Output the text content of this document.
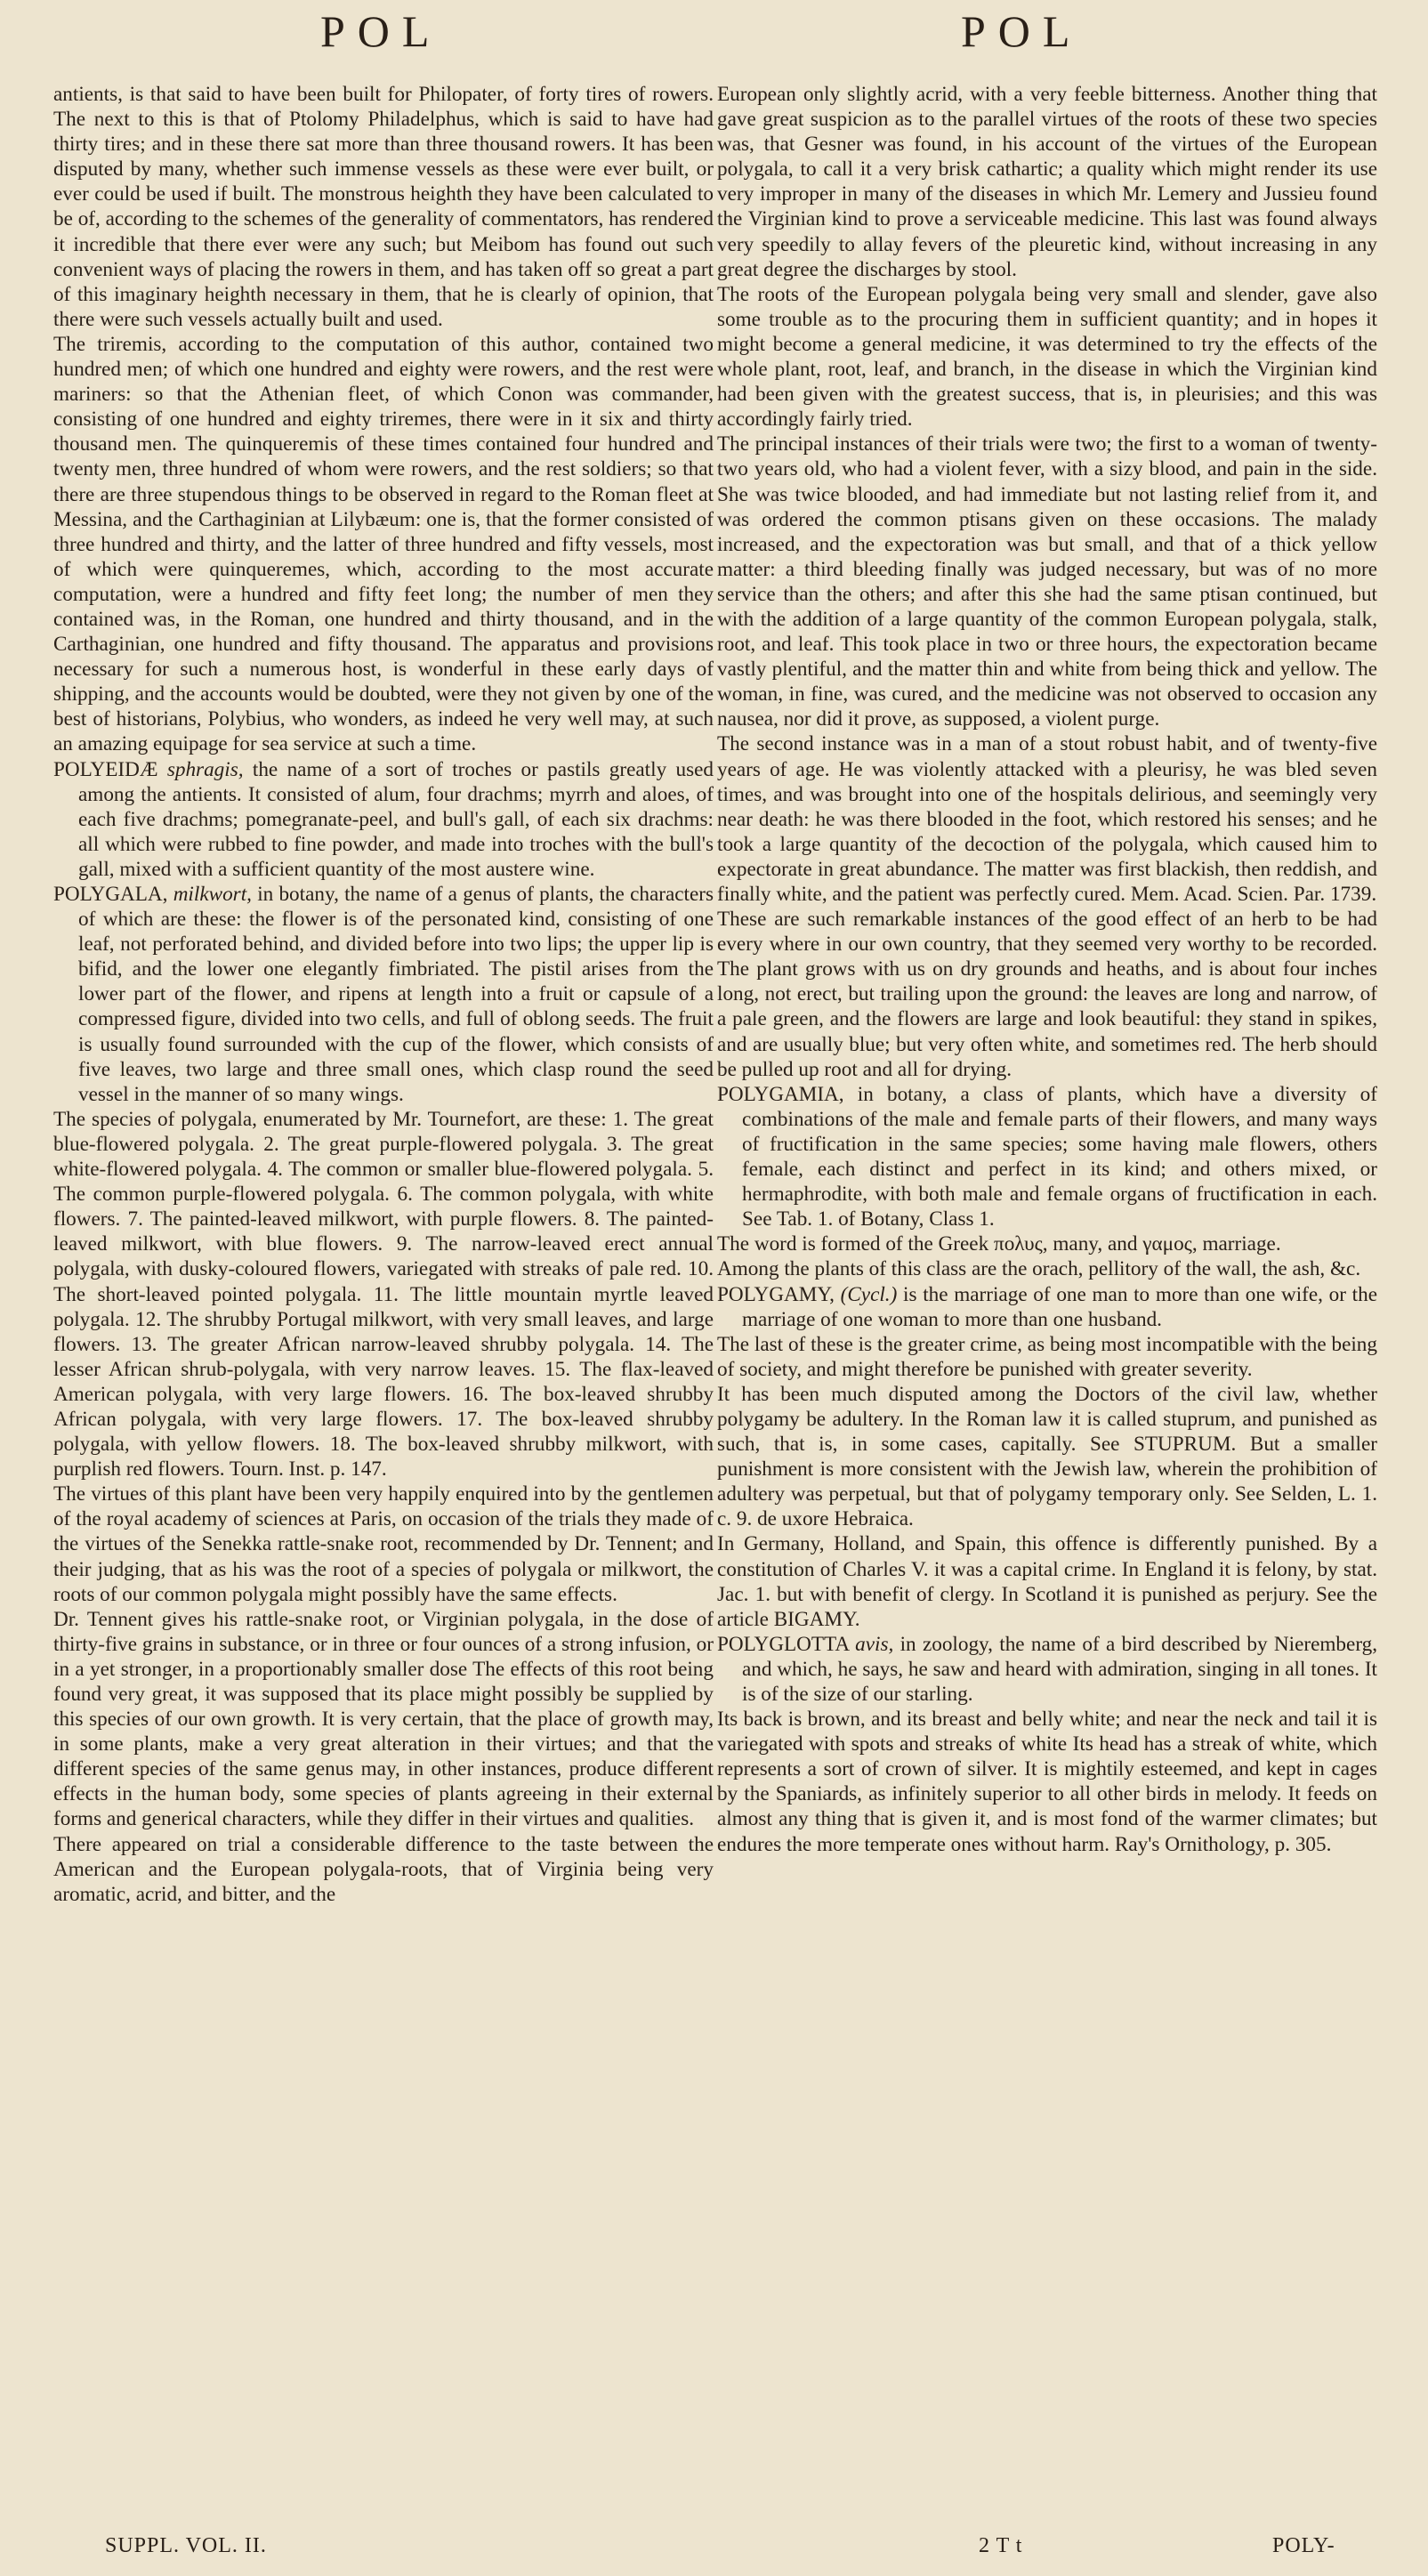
POL	POL

antients, is that said to have been built for Philopater, of forty tires of rowers. The next to this is that of Ptolomy Philadelphus, which is said to have had thirty tires; and in these there sat more than three thousand rowers. It has been disputed by many, whether such immense vessels as these were ever built, or ever could be used if built. The monstrous heighth they have been calculated to be of, according to the schemes of the generality of commentators, has rendered it incredible that there ever were any such; but Meibom has found out such convenient ways of placing the rowers in them, and has taken off so great a part of this imaginary heighth necessary in them, that he is clearly of opinion, that there were such vessels actually built and used.

The triremis, according to the computation of this author, contained two hundred men; of which one hundred and eighty were rowers, and the rest were mariners: so that the Athenian fleet, of which Conon was commander, consisting of one hundred and eighty triremes, there were in it six and thirty thousand men. The quinqueremis of these times contained four hundred and twenty men, three hundred of whom were rowers, and the rest soldiers; so that there are three stupendous things to be observed in regard to the Roman fleet at Messina, and the Carthaginian at Lilybæum: one is, that the former consisted of three hundred and thirty, and the latter of three hundred and fifty vessels, most of which were quinqueremes, which, according to the most accurate computation, were a hundred and fifty feet long; the number of men they contained was, in the Roman, one hundred and thirty thousand, and in the Carthaginian, one hundred and fifty thousand. The apparatus and provisions necessary for such a numerous host, is wonderful in these early days of shipping, and the accounts would be doubted, were they not given by one of the best of historians, Polybius, who wonders, as indeed he very well may, at such an amazing equipage for sea service at such a time.

POLYEIDÆ sphragis, the name of a sort of troches or pastils greatly used among the antients. It consisted of alum, four drachms; myrrh and aloes, of each five drachms; pomegranate-peel, and bull's gall, of each six drachms: all which were rubbed to fine powder, and made into troches with the bull's gall, mixed with a sufficient quantity of the most austere wine.

POLYGALA, milkwort, in botany, the name of a genus of plants, the characters of which are these: the flower is of the personated kind, consisting of one leaf, not perforated behind, and divided before into two lips; the upper lip is bifid, and the lower one elegantly fimbriated. The pistil arises from the lower part of the flower, and ripens at length into a fruit or capsule of a compressed figure, divided into two cells, and full of oblong seeds. The fruit is usually found surrounded with the cup of the flower, which consists of five leaves, two large and three small ones, which clasp round the seed vessel in the manner of so many wings.

The species of polygala, enumerated by Mr. Tournefort, are these: 1. The great blue-flowered polygala. 2. The great purple-flowered polygala. 3. The great white-flowered polygala. 4. The common or smaller blue-flowered polygala. 5. The common purple-flowered polygala. 6. The common polygala, with white flowers. 7. The painted-leaved milkwort, with purple flowers. 8. The painted-leaved milkwort, with blue flowers. 9. The narrow-leaved erect annual polygala, with dusky-coloured flowers, variegated with streaks of pale red. 10. The short-leaved pointed polygala. 11. The little mountain myrtle leaved polygala. 12. The shrubby Portugal milkwort, with very small leaves, and large flowers. 13. The greater African narrow-leaved shrubby polygala. 14. The lesser African shrub-polygala, with very narrow leaves. 15. The flax-leaved American polygala, with very large flowers. 16. The box-leaved shrubby African polygala, with very large flowers. 17. The box-leaved shrubby polygala, with yellow flowers. 18. The box-leaved shrubby milkwort, with purplish red flowers. Tourn. Inst. p. 147.

The virtues of this plant have been very happily enquired into by the gentlemen of the royal academy of sciences at Paris, on occasion of the trials they made of the virtues of the Senekka rattle-snake root, recommended by Dr. Tennent; and their judging, that as his was the root of a species of polygala or milkwort, the roots of our common polygala might possibly have the same effects.

Dr. Tennent gives his rattle-snake root, or Virginian polygala, in the dose of thirty-five grains in substance, or in three or four ounces of a strong infusion, or in a yet stronger, in a proportionably smaller dose The effects of this root being found very great, it was supposed that its place might possibly be supplied by this species of our own growth. It is very certain, that the place of growth may, in some plants, make a very great alteration in their virtues; and that the different species of the same genus may, in other instances, produce different effects in the human body, some species of plants agreeing in their external forms and generical characters, while they differ in their virtues and qualities.

There appeared on trial a considerable difference to the taste between the American and the European polygala-roots, that of Virginia being very aromatic, acrid, and bitter, and the

European only slightly acrid, with a very feeble bitterness. Another thing that gave great suspicion as to the parallel virtues of the roots of these two species was, that Gesner was found, in his account of the virtues of the European polygala, to call it a very brisk cathartic; a quality which might render its use very improper in many of the diseases in which Mr. Lemery and Jussieu found the Virginian kind to prove a serviceable medicine. This last was found always very speedily to allay fevers of the pleuretic kind, without increasing in any great degree the discharges by stool.

The roots of the European polygala being very small and slender, gave also some trouble as to the procuring them in sufficient quantity; and in hopes it might become a general medicine, it was determined to try the effects of the whole plant, root, leaf, and branch, in the disease in which the Virginian kind had been given with the greatest success, that is, in pleurisies; and this was accordingly fairly tried.

The principal instances of their trials were two; the first to a woman of twenty-two years old, who had a violent fever, with a sizy blood, and pain in the side. She was twice blooded, and had immediate but not lasting relief from it, and was ordered the common ptisans given on these occasions. The malady increased, and the expectoration was but small, and that of a thick yellow matter: a third bleeding finally was judged necessary, but was of no more service than the others; and after this she had the same ptisan continued, but with the addition of a large quantity of the common European polygala, stalk, root, and leaf. This took place in two or three hours, the expectoration became vastly plentiful, and the matter thin and white from being thick and yellow. The woman, in fine, was cured, and the medicine was not observed to occasion any nausea, nor did it prove, as supposed, a violent purge.

The second instance was in a man of a stout robust habit, and of twenty-five years of age. He was violently attacked with a pleurisy, he was bled seven times, and was brought into one of the hospitals delirious, and seemingly very near death: he was there blooded in the foot, which restored his senses; and he took a large quantity of the decoction of the polygala, which caused him to expectorate in great abundance. The matter was first blackish, then reddish, and finally white, and the patient was perfectly cured. Mem. Acad. Scien. Par. 1739.

These are such remarkable instances of the good effect of an herb to be had every where in our own country, that they seemed very worthy to be recorded. The plant grows with us on dry grounds and heaths, and is about four inches long, not erect, but trailing upon the ground: the leaves are long and narrow, of a pale green, and the flowers are large and look beautiful: they stand in spikes, and are usually blue; but very often white, and sometimes red. The herb should be pulled up root and all for drying.

POLYGAMIA, in botany, a class of plants, which have a diversity of combinations of the male and female parts of their flowers, and many ways of fructification in the same species; some having male flowers, others female, each distinct and perfect in its kind; and others mixed, or hermaphrodite, with both male and female organs of fructification in each. See Tab. 1. of Botany, Class 1.

The word is formed of the Greek πολυς, many, and γαμος, marriage.

Among the plants of this class are the orach, pellitory of the wall, the ash, &c.

POLYGAMY, (Cycl.) is the marriage of one man to more than one wife, or the marriage of one woman to more than one husband.

The last of these is the greater crime, as being most incompatible with the being of society, and might therefore be punished with greater severity.

It has been much disputed among the Doctors of the civil law, whether polygamy be adultery. In the Roman law it is called stuprum, and punished as such, that is, in some cases, capitally. See STUPRUM. But a smaller punishment is more consistent with the Jewish law, wherein the prohibition of adultery was perpetual, but that of polygamy temporary only. See Selden, L. 1. c. 9. de uxore Hebraica.

In Germany, Holland, and Spain, this offence is differently punished. By a constitution of Charles V. it was a capital crime. In England it is felony, by stat. Jac. 1. but with benefit of clergy. In Scotland it is punished as perjury. See the article BIGAMY.

POLYGLOTTA avis, in zoology, the name of a bird described by Nieremberg, and which, he says, he saw and heard with admiration, singing in all tones. It is of the size of our starling.

Its back is brown, and its breast and belly white; and near the neck and tail it is variegated with spots and streaks of white Its head has a streak of white, which represents a sort of crown of silver. It is mightily esteemed, and kept in cages by the Spaniards, as infinitely superior to all other birds in melody. It feeds on almost any thing that is given it, and is most fond of the warmer climates; but endures the more temperate ones without harm. Ray's Ornithology, p. 305.

SUPPL. VOL. II.	2 T t	POLY-
